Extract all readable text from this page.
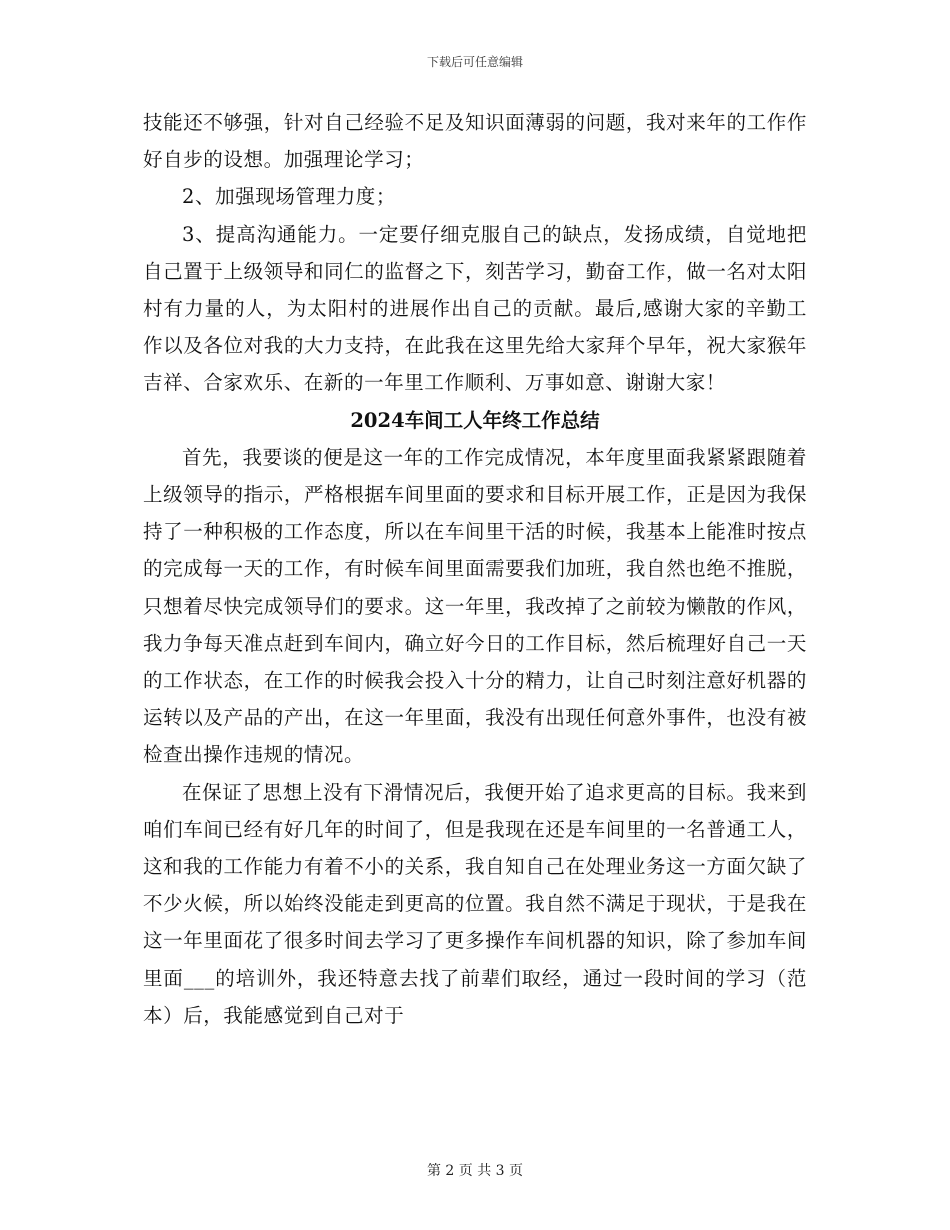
下载后可任意编辑

技能还不够强，针对自己经验不足及知识面薄弱的问题，我对来年的工作作好自步的设想。加强理论学习；

2、加强现场管理力度；

3、提高沟通能力。一定要仔细克服自己的缺点，发扬成绩，自觉地把自己置于上级领导和同仁的监督之下，刻苦学习，勤奋工作，做一名对太阳村有力量的人，为太阳村的进展作出自己的贡献。最后,感谢大家的辛勤工作以及各位对我的大力支持，在此我在这里先给大家拜个早年，祝大家猴年吉祥、合家欢乐、在新的一年里工作顺利、万事如意、谢谢大家！

2024车间工人年终工作总结

首先，我要谈的便是这一年的工作完成情况，本年度里面我紧紧跟随着上级领导的指示，严格根据车间里面的要求和目标开展工作，正是因为我保持了一种积极的工作态度，所以在车间里干活的时候，我基本上能准时按点的完成每一天的工作，有时候车间里面需要我们加班，我自然也绝不推脱，只想着尽快完成领导们的要求。这一年里，我改掉了之前较为懒散的作风，我力争每天准点赶到车间内，确立好今日的工作目标，然后梳理好自己一天的工作状态，在工作的时候我会投入十分的精力，让自己时刻注意好机器的运转以及产品的产出，在这一年里面，我没有出现任何意外事件，也没有被检查出操作违规的情况。

在保证了思想上没有下滑情况后，我便开始了追求更高的目标。我来到咱们车间已经有好几年的时间了，但是我现在还是车间里的一名普通工人，这和我的工作能力有着不小的关系，我自知自己在处理业务这一方面欠缺了不少火候，所以始终没能走到更高的位置。我自然不满足于现状，于是我在这一年里面花了很多时间去学习了更多操作车间机器的知识，除了参加车间里面___的培训外，我还特意去找了前辈们取经，通过一段时间的学习（范本）后，我能感觉到自己对于

第 2 页 共 3 页
